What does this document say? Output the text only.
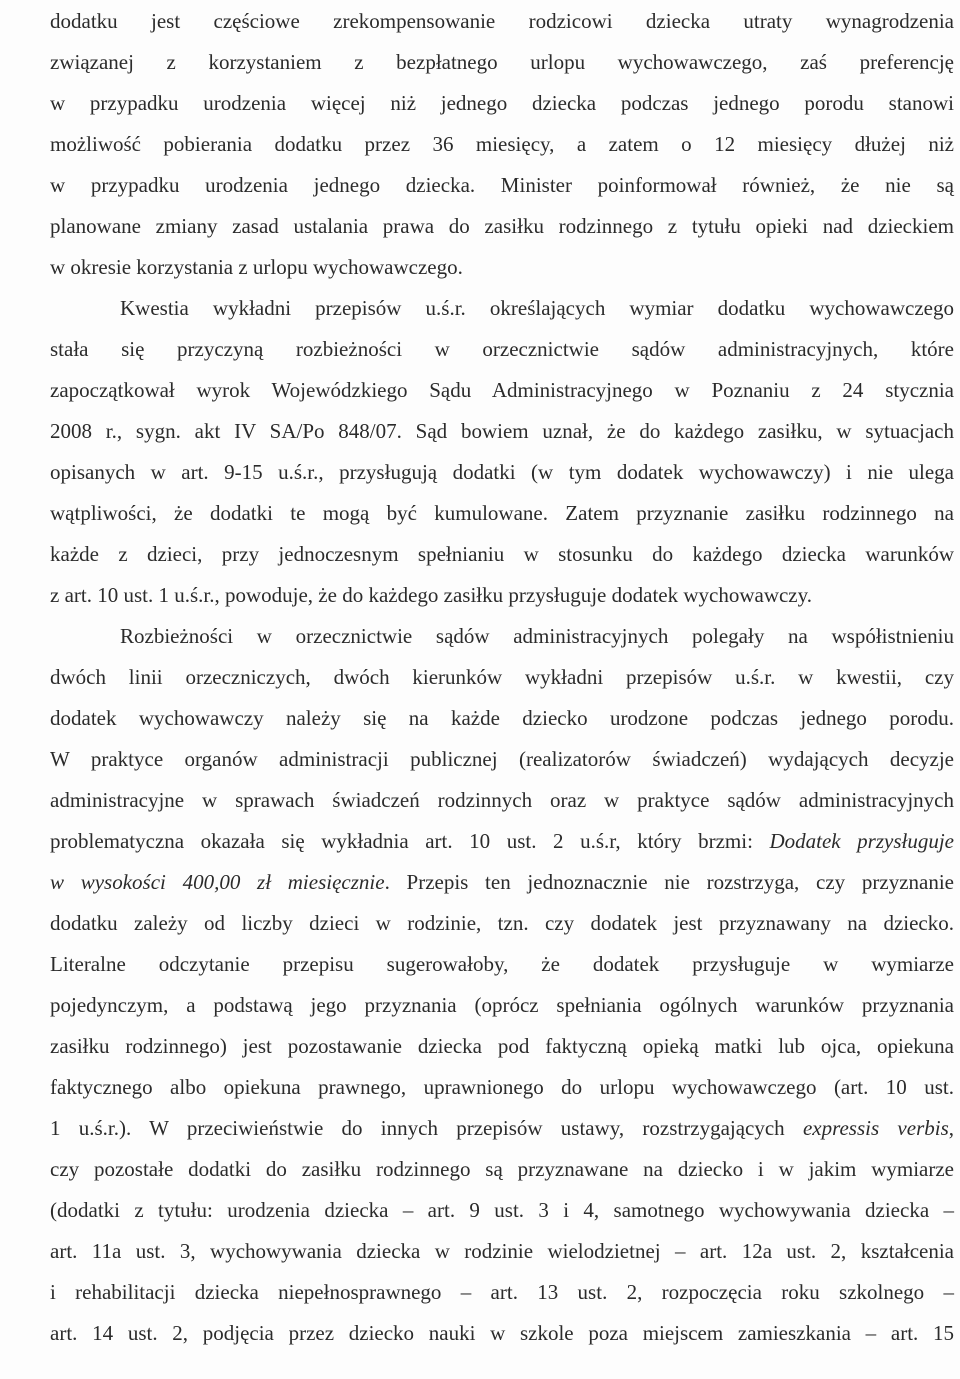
dodatku jest częściowe zrekompensowanie rodzicowi dziecka utraty wynagrodzenia
związanej z korzystaniem z bezpłatnego urlopu wychowawczego, zaś preferencję
w przypadku urodzenia więcej niż jednego dziecka podczas jednego porodu stanowi
możliwość pobierania dodatku przez 36 miesięcy, a zatem o 12 miesięcy dłużej niż
w przypadku urodzenia jednego dziecka. Minister poinformował również, że nie są
planowane zmiany zasad ustalania prawa do zasiłku rodzinnego z tytułu opieki nad dzieckiem
w okresie korzystania z urlopu wychowawczego.
Kwestia wykładni przepisów u.ś.r. określających wymiar dodatku wychowawczego
stała się przyczyną rozbieżności w orzecznictwie sądów administracyjnych, które
zapoczątkował wyrok Wojewódzkiego Sądu Administracyjnego w Poznaniu z 24 stycznia
2008 r., sygn. akt IV SA/Po 848/07. Sąd bowiem uznał, że do każdego zasiłku, w sytuacjach
opisanych w art. 9-15 u.ś.r., przysługują dodatki (w tym dodatek wychowawczy) i nie ulega
wątpliwości, że dodatki te mogą być kumulowane. Zatem przyznanie zasiłku rodzinnego na
każde z dzieci, przy jednoczesnym spełnianiu w stosunku do każdego dziecka warunków
z art. 10 ust. 1 u.ś.r., powoduje, że do każdego zasiłku przysługuje dodatek wychowawczy.
Rozbieżności w orzecznictwie sądów administracyjnych polegały na współistnieniu
dwóch linii orzeczniczych, dwóch kierunków wykładni przepisów u.ś.r. w kwestii, czy
dodatek wychowawczy należy się na każde dziecko urodzone podczas jednego porodu.
W praktyce organów administracji publicznej (realizatorów świadczeń) wydających decyzje
administracyjne w sprawach świadczeń rodzinnych oraz w praktyce sądów administracyjnych
problematyczna okazała się wykładnia art. 10 ust. 2 u.ś.r, który brzmi: Dodatek przysługuje
w wysokości 400,00 zł miesięcznie. Przepis ten jednoznacznie nie rozstrzyga, czy przyznanie
dodatku zależy od liczby dzieci w rodzinie, tzn. czy dodatek jest przyznawany na dziecko.
Literalne odczytanie przepisu sugerowałoby, że dodatek przysługuje w wymiarze
pojedynczym, a podstawą jego przyznania (oprócz spełniania ogólnych warunków przyznania
zasiłku rodzinnego) jest pozostawanie dziecka pod faktyczną opieką matki lub ojca, opiekuna
faktycznego albo opiekuna prawnego, uprawnionego do urlopu wychowawczego (art. 10 ust.
1 u.ś.r.). W przeciwieństwie do innych przepisów ustawy, rozstrzygających expressis verbis,
czy pozostałe dodatki do zasiłku rodzinnego są przyznawane na dziecko i w jakim wymiarze
(dodatki z tytułu: urodzenia dziecka – art. 9 ust. 3 i 4, samotnego wychowywania dziecka –
art. 11a ust. 3, wychowywania dziecka w rodzinie wielodzietnej – art. 12a ust. 2, kształcenia
i rehabilitacji dziecka niepełnosprawnego – art. 13 ust. 2, rozpoczęcia roku szkolnego –
art. 14 ust. 2, podjęcia przez dziecko nauki w szkole poza miejscem zamieszkania – art. 15
